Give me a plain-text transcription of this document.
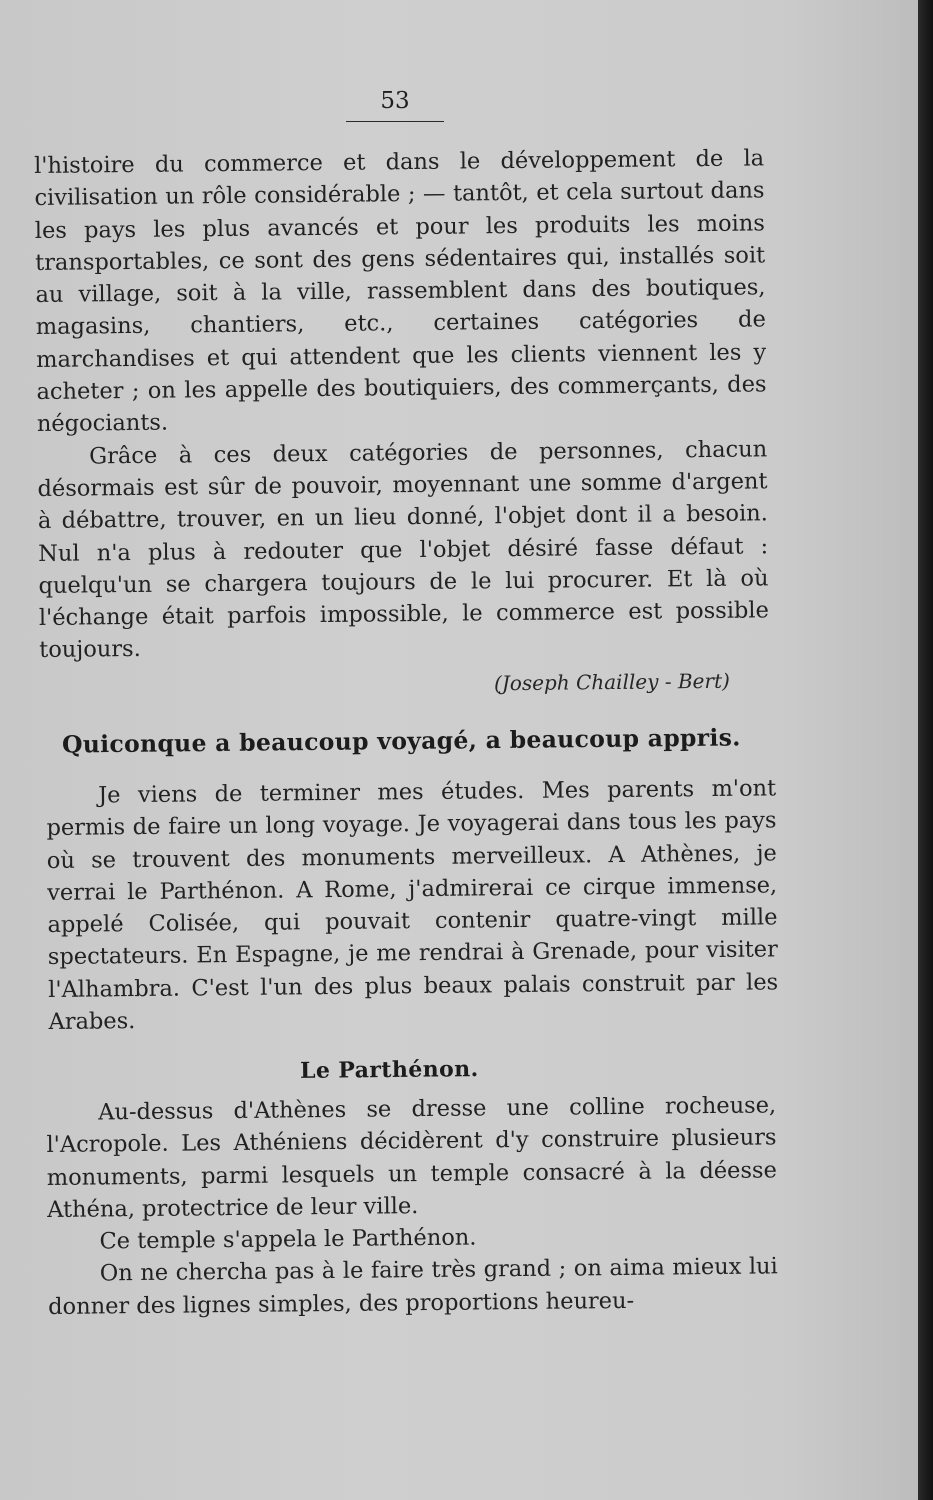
53

l'histoire du commerce et dans le développement de la civilisation un rôle considérable ; — tantôt, et cela surtout dans les pays les plus avancés et pour les produits les moins transportables, ce sont des gens sédentaires qui, installés soit au village, soit à la ville, rassemblent dans des boutiques, magasins, chantiers, etc., certaines catégories de marchandises et qui attendent que les clients viennent les y acheter ; on les appelle des boutiquiers, des commerçants, des négociants.

Grâce à ces deux catégories de personnes, chacun désormais est sûr de pouvoir, moyennant une somme d'argent à débattre, trouver, en un lieu donné, l'objet dont il a besoin. Nul n'a plus à redouter que l'objet désiré fasse défaut : quelqu'un se chargera toujours de le lui procurer. Et là où l'échange était parfois impossible, le commerce est possible toujours.

(Joseph Chailley - Bert)
Quiconque a beaucoup voyagé, a beaucoup appris.

Je viens de terminer mes études. Mes parents m'ont permis de faire un long voyage. Je voyagerai dans tous les pays où se trouvent des monuments merveilleux. A Athènes, je verrai le Parthénon. A Rome, j'admirerai ce cirque immense, appelé Colisée, qui pouvait contenir quatre-vingt mille spectateurs. En Espagne, je me rendrai à Grenade, pour visiter l'Alhambra. C'est l'un des plus beaux palais construit par les Arabes.

Le Parthénon.

Au-dessus d'Athènes se dresse une colline rocheuse, l'Acropole. Les Athéniens décidèrent d'y construire plusieurs monuments, parmi lesquels un temple consacré à la déesse Athéna, protectrice de leur ville.

Ce temple s'appela le Parthénon.

On ne chercha pas à le faire très grand ; on aima mieux lui donner des lignes simples, des proportions heureu-
